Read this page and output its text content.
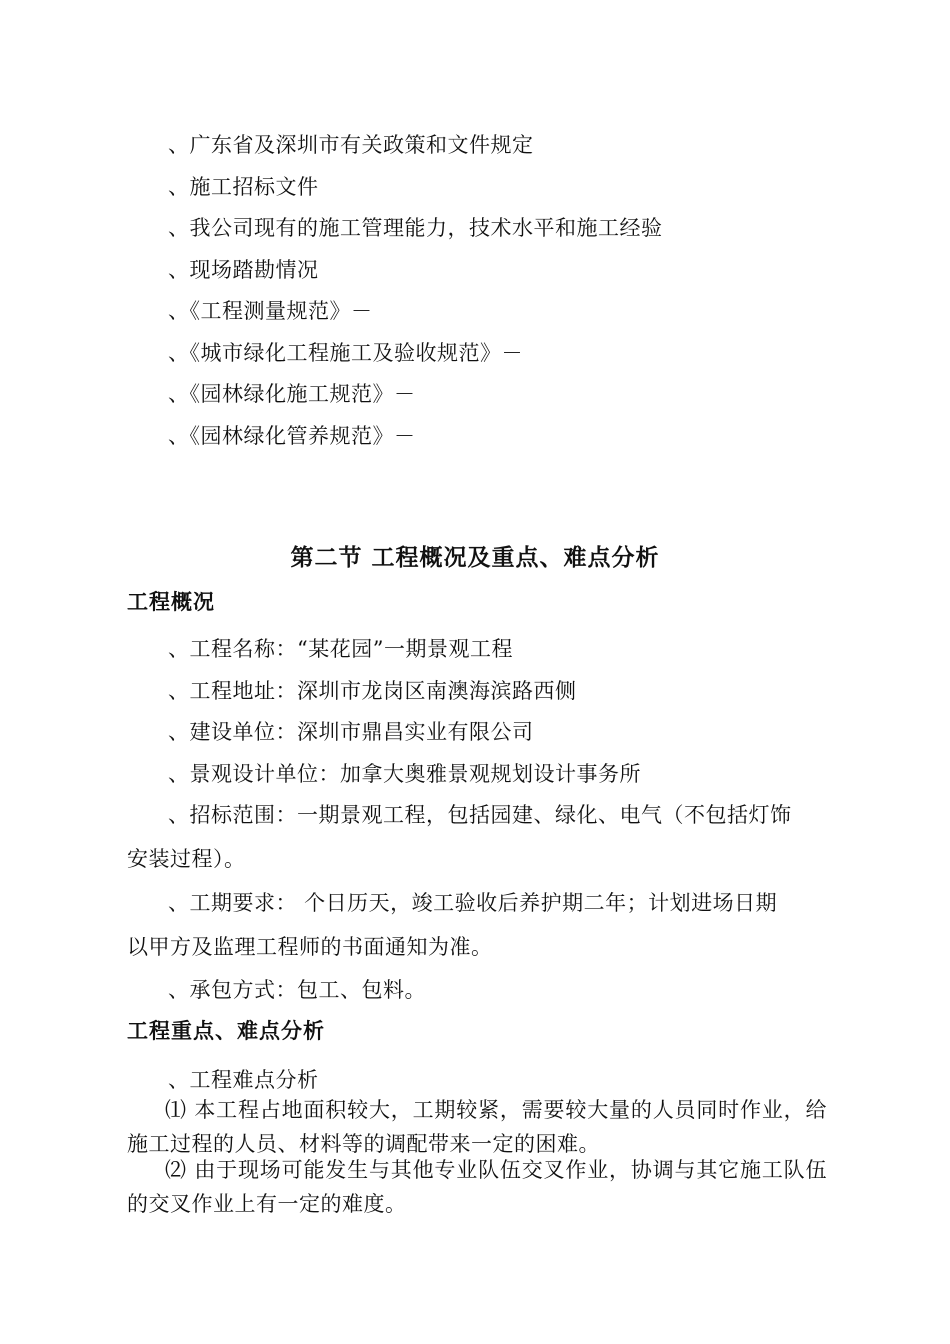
、广东省及深圳市有关政策和文件规定
、施工招标文件
、我公司现有的施工管理能力，技术水平和施工经验
、现场踏勘情况
、《工程测量规范》－
、《城市绿化工程施工及验收规范》－
、《园林绿化施工规范》－
、《园林绿化管养规范》－
第二节 工程概况及重点、难点分析
工程概况
、工程名称：“某花园”一期景观工程
、工程地址：深圳市龙岗区南澳海滨路西侧
、建设单位：深圳市鼎昌实业有限公司
、景观设计单位：加拿大奥雅景观规划设计事务所
、招标范围：一期景观工程，包括园建、绿化、电气（不包括灯饰
安装过程）。
、工期要求： 个日历天，竣工验收后养护期二年；计划进场日期
以甲方及监理工程师的书面通知为准。
、承包方式：包工、包料。
工程重点、难点分析
、工程难点分析
⑴ 本工程占地面积较大，工期较紧，需要较大量的人员同时作业，给施工过程的人员、材料等的调配带来一定的困难。
⑵ 由于现场可能发生与其他专业队伍交叉作业，协调与其它施工队伍的交叉作业上有一定的难度。
